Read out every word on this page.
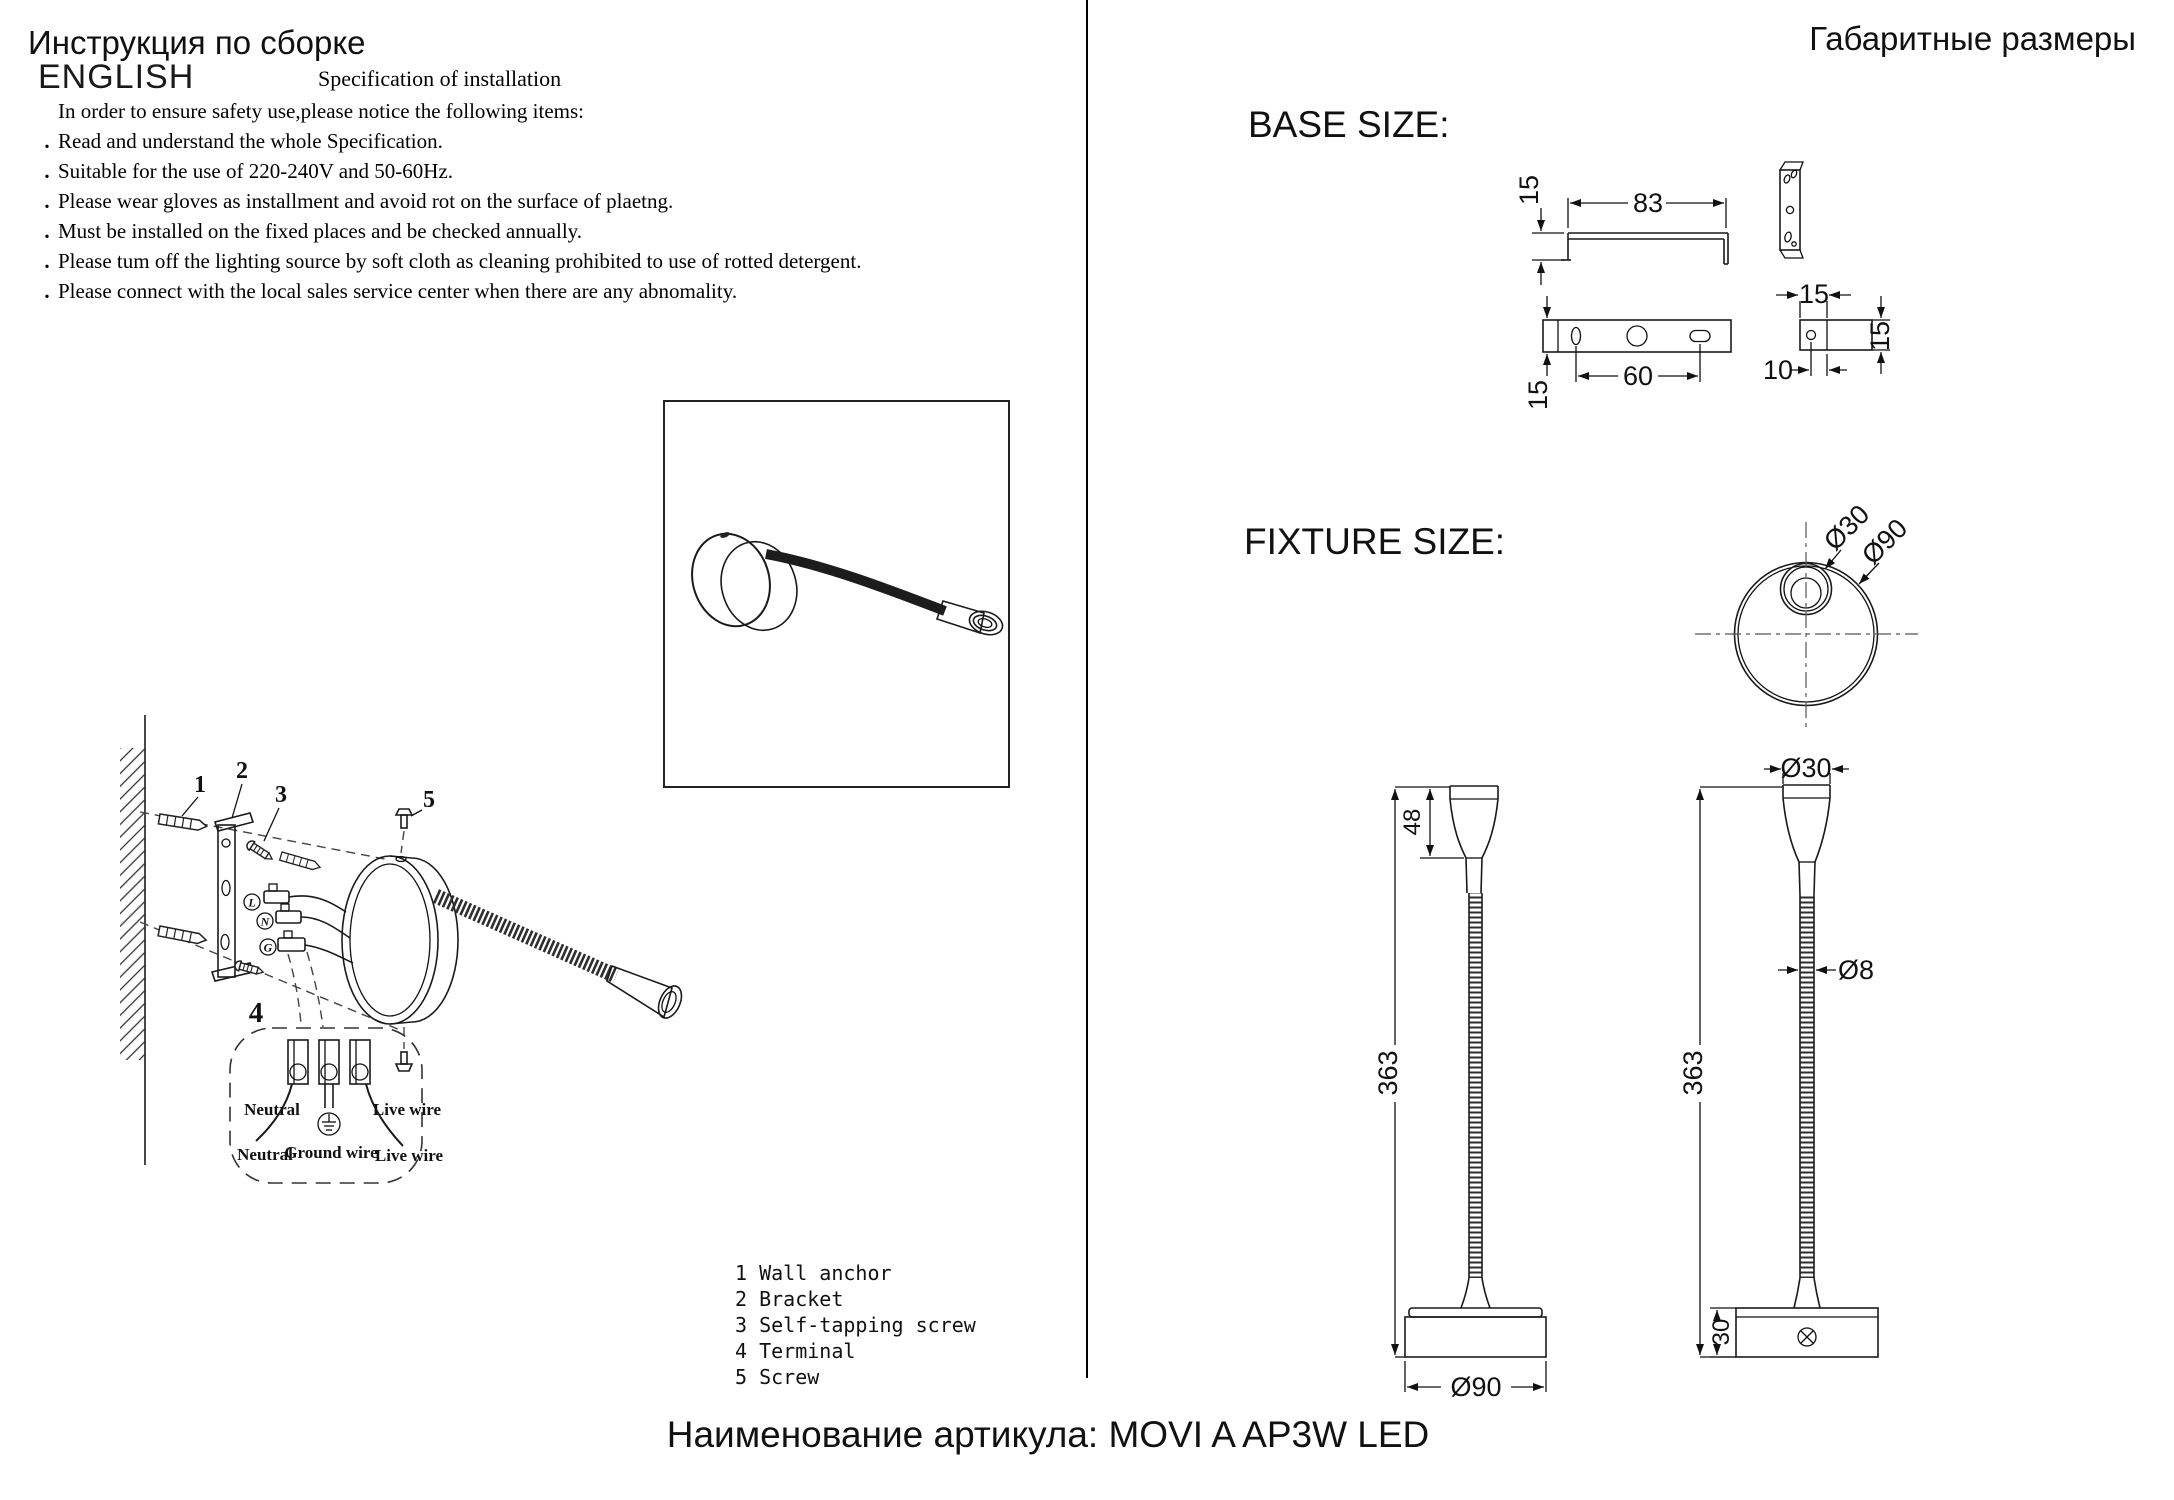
Инструкция по сборке	Габаритные размеры
ENGLISH	Specification of installation
In order to ensure safety use,please notice the following items:
. Read and understand the whole Specification.
. Suitable for the use of 220-240V and 50-60Hz.
. Please wear gloves as installment and avoid rot on the surface of plaetng.
. Must be installed on the fixed places and be checked annually.
. Please tum off the lighting source by soft cloth as cleaning prohibited to use of rotted detergent.
. Please connect with the local sales service center when there are any abnomality.
1
2
3	5
L
N
G
4
Neutral	Live wire
Neutral
Ground wire
Live wire
1 Wall anchor
2 Bracket
3 Self-tapping screw
4 Terminal
5 Screw
BASE SIZE:
FIXTURE SIZE:
83
15
15
60
15
15
10
Ø30
Ø90
48
363
Ø90
Ø30
Ø8
30
363
Наименование артикула: MOVI A AP3W LED
